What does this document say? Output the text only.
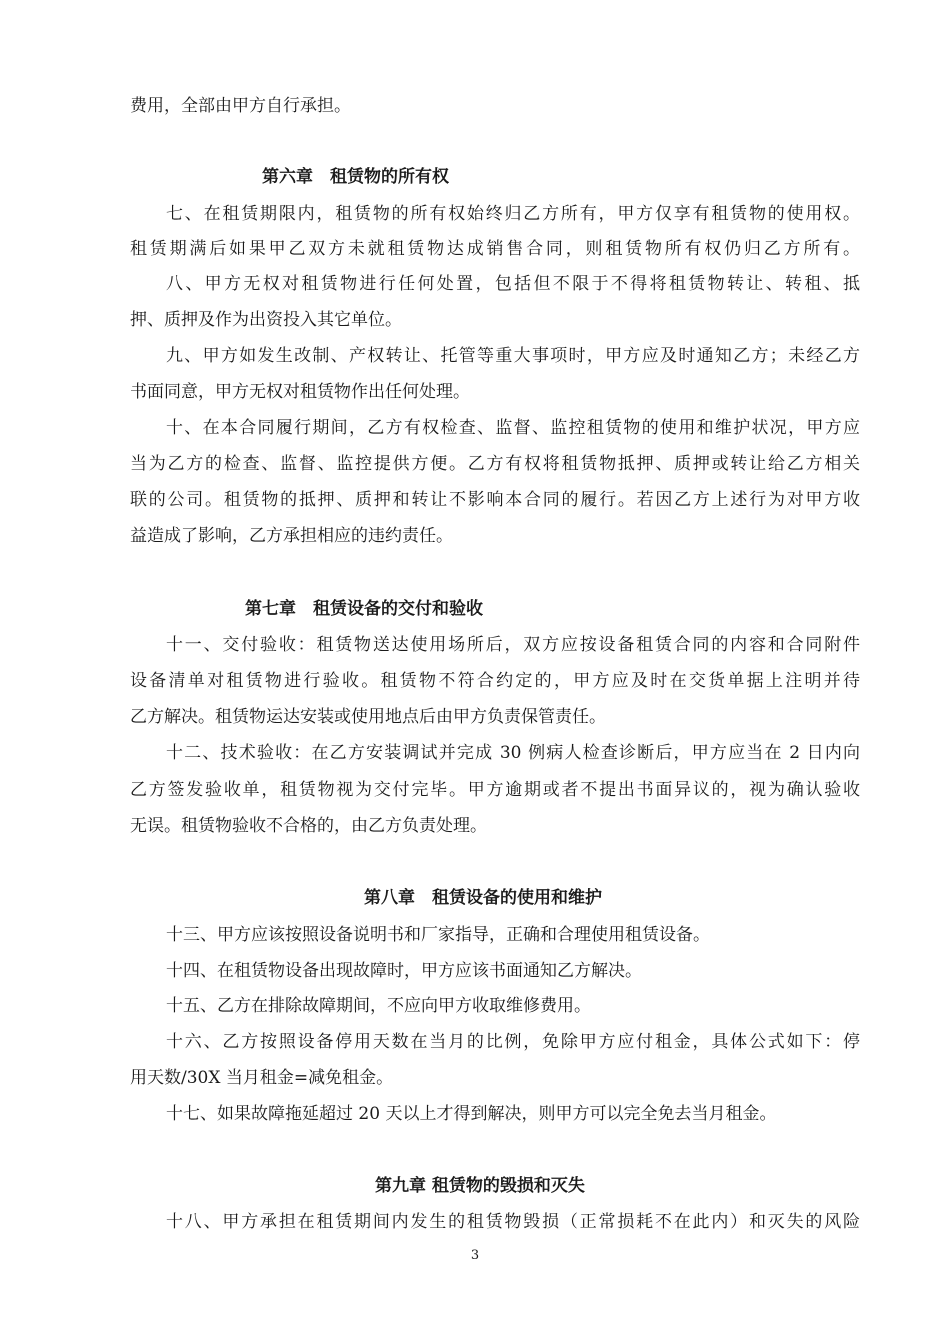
费用，全部由甲方自行承担。
第六章　租赁物的所有权
七、在租赁期限内，租赁物的所有权始终归乙方所有，甲方仅享有租赁物的使用权。
租赁期满后如果甲乙双方未就租赁物达成销售合同，则租赁物所有权仍归乙方所有。
八、甲方无权对租赁物进行任何处置，包括但不限于不得将租赁物转让、转租、抵
押、质押及作为出资投入其它单位。
九、甲方如发生改制、产权转让、托管等重大事项时，甲方应及时通知乙方；未经乙方
书面同意，甲方无权对租赁物作出任何处理。
十、在本合同履行期间，乙方有权检查、监督、监控租赁物的使用和维护状况，甲方应
当为乙方的检查、监督、监控提供方便。乙方有权将租赁物抵押、质押或转让给乙方相关
联的公司。租赁物的抵押、质押和转让不影响本合同的履行。若因乙方上述行为对甲方收
益造成了影响，乙方承担相应的违约责任。
第七章　租赁设备的交付和验收
十一、交付验收：租赁物送达使用场所后，双方应按设备租赁合同的内容和合同附件
设备清单对租赁物进行验收。租赁物不符合约定的，甲方应及时在交货单据上注明并待
乙方解决。租赁物运达安装或使用地点后由甲方负责保管责任。
十二、技术验收：在乙方安装调试并完成 30 例病人检查诊断后，甲方应当在 2 日内向
乙方签发验收单，租赁物视为交付完毕。甲方逾期或者不提出书面异议的，视为确认验收
无误。租赁物验收不合格的，由乙方负责处理。
第八章　租赁设备的使用和维护
十三、甲方应该按照设备说明书和厂家指导，正确和合理使用租赁设备。
十四、在租赁物设备出现故障时，甲方应该书面通知乙方解决。
十五、乙方在排除故障期间，不应向甲方收取维修费用。
十六、乙方按照设备停用天数在当月的比例，免除甲方应付租金，具体公式如下：停
用天数/30X 当月租金=减免租金。
十七、如果故障拖延超过 20 天以上才得到解决，则甲方可以完全免去当月租金。
第九章 租赁物的毁损和灭失
十八、甲方承担在租赁期间内发生的租赁物毁损（正常损耗不在此内）和灭失的风险
3
